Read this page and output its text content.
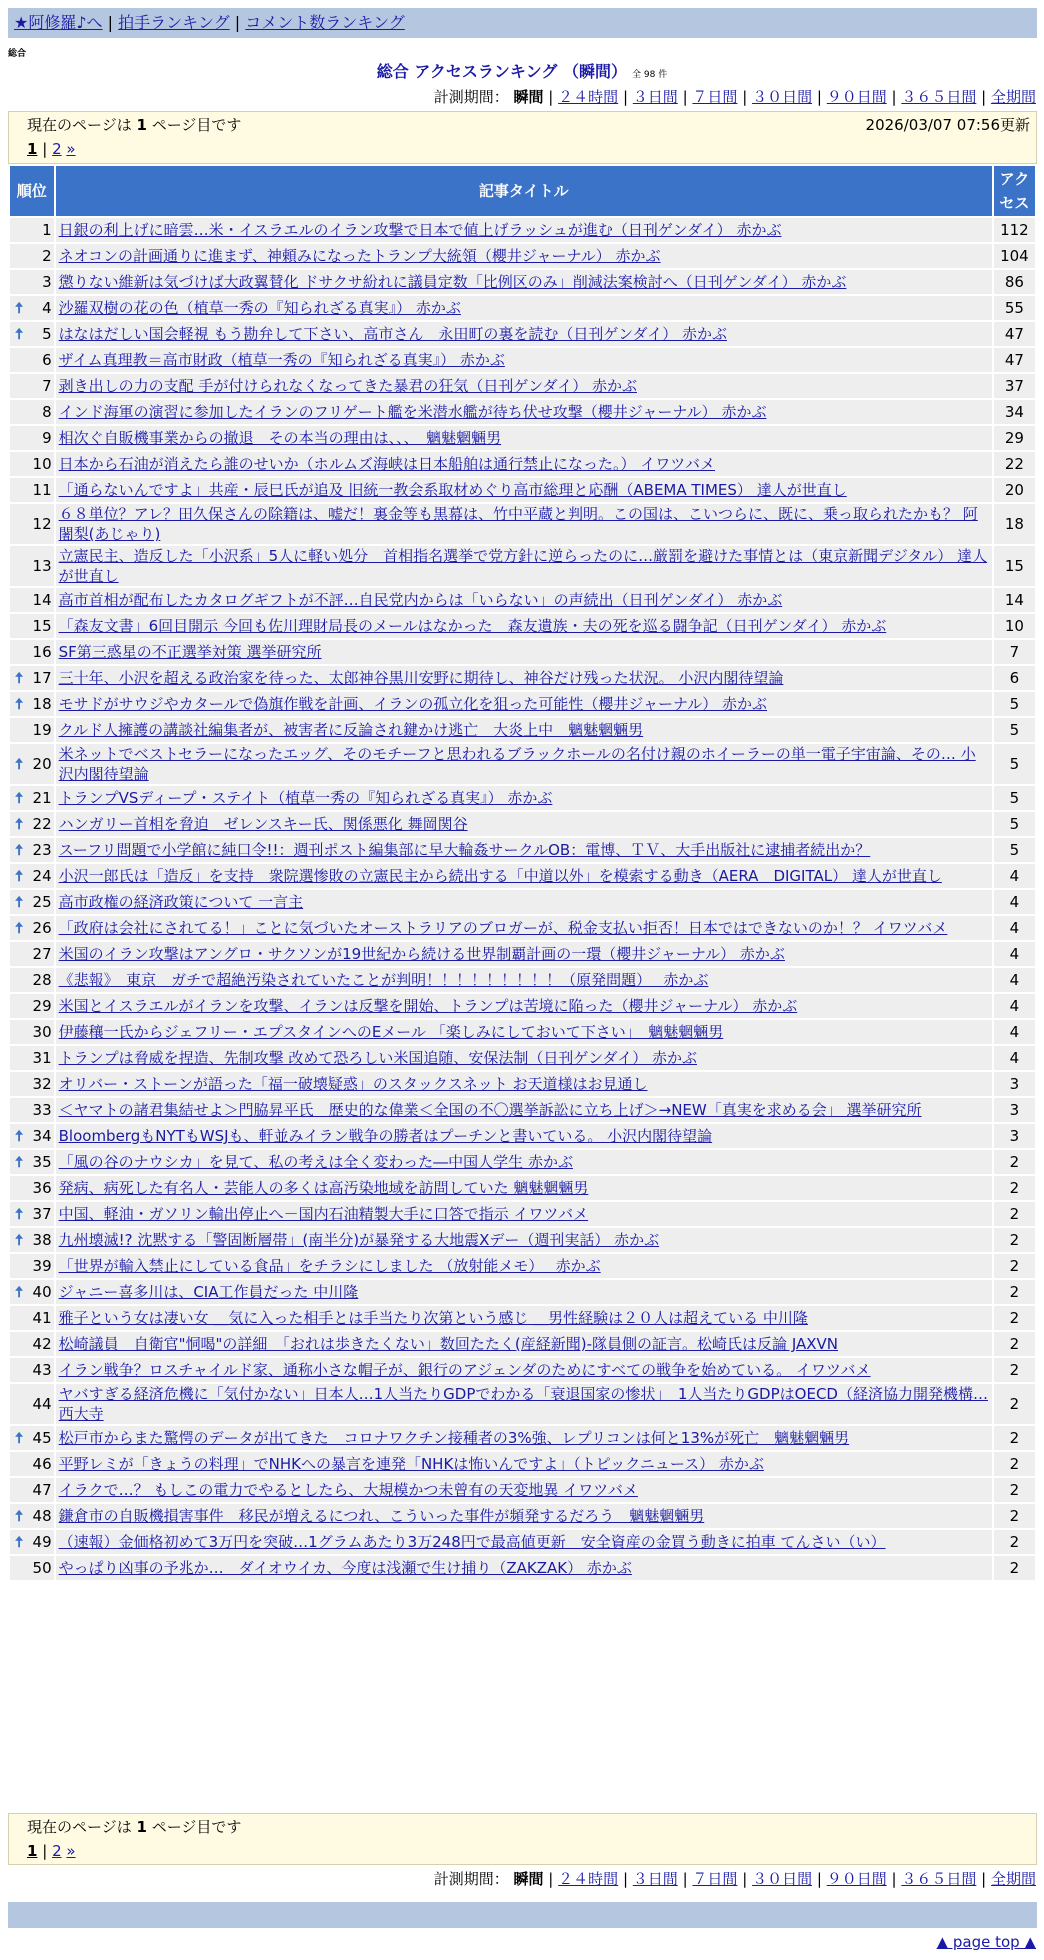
★阿修羅♪へ | 拍手ランキング | コメント数ランキング
総合
総合 アクセスランキング （瞬間） 全 98 件
計測期間： 瞬間 | ２４時間 | ３日間 | ７日間 | ３０日間 | ９０日間 | ３６５日間 | 全期間
現在のページは 1 ページ目です	2026/03/07 07:56更新
1 | 2 »
順位	記事タイトル	アクセス
1	日銀の利上げに暗雲…米・イスラエルのイラン攻撃で日本で値上げラッシュが進む（日刊ゲンダイ） 赤かぶ	112
2	ネオコンの計画通りに進まず、神頼みになったトランプ大統領（櫻井ジャーナル） 赤かぶ	104
3	懲りない維新は気づけば大政翼賛化 ドサクサ紛れに議員定数「比例区のみ」削減法案検討へ（日刊ゲンダイ） 赤かぶ	86

🠅 4	沙羅双樹の花の色（植草一秀の『知られざる真実』） 赤かぶ	55

🠅 5	はなはだしい国会軽視 もう勘弁して下さい、高市さん　永田町の裏を読む（日刊ゲンダイ） 赤かぶ	47
6	ザイム真理教＝高市財政（植草一秀の『知られざる真実』） 赤かぶ	47
7	剥き出しの力の支配 手が付けられなくなってきた暴君の狂気（日刊ゲンダイ） 赤かぶ	37
8	インド海軍の演習に参加したイランのフリゲート艦を米潜水艦が待ち伏せ攻撃（櫻井ジャーナル） 赤かぶ	34
9	相次ぐ自販機事業からの撤退　その本当の理由は、、、　魑魅魍魎男	29
10	日本から石油が消えたら誰のせいか（ホルムズ海峡は日本船舶は通行禁止になった。） イワツバメ	22
11	「通らないんですよ」共産・辰巳氏が追及 旧統一教会系取材めぐり高市総理と応酬（ABEMA TIMES） 達人が世直し	20
12	６８単位？アレ？田久保さんの除籍は、嘘だ！裏金等も黒幕は、竹中平蔵と判明。この国は、こいつらに、既に、乗っ取られたかも？ 阿闍梨(あじゃり)	18
13	立憲民主、造反した「小沢系」5人に軽い処分　首相指名選挙で党方針に逆らったのに…厳罰を避けた事情とは（東京新聞デジタル） 達人が世直し	15
14	高市首相が配布したカタログギフトが不評…自民党内からは「いらない」の声続出（日刊ゲンダイ） 赤かぶ	14
15	「森友文書」6回目開示 今回も佐川理財局長のメールはなかった　森友遺族・夫の死を巡る闘争記（日刊ゲンダイ） 赤かぶ	10
16	SF第三惑星の不正選挙対策 選挙研究所	7

🠅 17	三十年、小沢を超える政治家を待った、太郎神谷黒川安野に期待し、神谷だけ残った状況。 小沢内閣待望論	6

🠅 18	モサドがサウジやカタールで偽旗作戦を計画、イランの孤立化を狙った可能性（櫻井ジャーナル） 赤かぶ	5
19	クルド人擁護の講談社編集者が、被害者に反論され鍵かけ逃亡　大炎上中　魑魅魍魎男	5

🠅 20	米ネットでベストセラーになったエッグ、そのモチーフと思われるブラックホールの名付け親のホイーラーの単一電子宇宙論、その… 小沢内閣待望論	5

🠅 21	トランプVSディープ・ステイト（植草一秀の『知られざる真実』） 赤かぶ	5

🠅 22	ハンガリー首相を脅迫　ゼレンスキー氏、関係悪化 舞岡関谷	5

🠅 23	スーフリ問題で小学館に純口令!!：週刊ポスト編集部に早大輪姦サークルOB：電博、ＴＶ、大手出版社に逮捕者続出か？	5

🠅 24	小沢一郎氏は「造反」を支持　衆院選惨敗の立憲民主から続出する「中道以外」を模索する動き（AERA　DIGITAL） 達人が世直し	4

🠅 25	高市政権の経済政策について 一言主	4

🠅 26	「政府は会社にされてる！」ことに気づいたオーストラリアのブロガーが、税金支払い拒否！日本ではできないのか！？ イワツバメ	4
27	米国のイラン攻撃はアングロ・サクソンが19世紀から続ける世界制覇計画の一環（櫻井ジャーナル） 赤かぶ	4
28	《悲報》　東京　ガチで超絶汚染されていたことが判明！！！！！！！！！（原発問題）　 赤かぶ	4
29	米国とイスラエルがイランを攻撃、イランは反撃を開始、トランプは苦境に陥った（櫻井ジャーナル） 赤かぶ	4
30	伊藤穰一氏からジェフリー・エプスタインへのEメール 「楽しみにしておいて下さい」　魑魅魍魎男	4
31	トランプは脅威を捏造、先制攻撃 改めて恐ろしい米国追随、安保法制（日刊ゲンダイ） 赤かぶ	4
32	オリバー・ストーンが語った「福一破壊疑惑」のスタックスネット お天道様はお見通し	3
33	＜ヤマトの諸君集結せよ＞門脇昇平氏　歴史的な偉業＜全国の不〇選挙訴訟に立ち上げ＞→NEW「真実を求める会」 選挙研究所	3

🠅 34	BloombergもNYTもWSJも、軒並みイラン戦争の勝者はプーチンと書いている。 小沢内閣待望論	3

🠅 35	「風の谷のナウシカ」を見て、私の考えは全く変わった―中国人学生 赤かぶ	2
36	発病、病死した有名人・芸能人の多くは高汚染地域を訪問していた 魑魅魍魎男	2

🠅 37	中国、軽油・ガソリン輸出停止へ－国内石油精製大手に口答で指示 イワツバメ	2

🠅 38	九州壊滅!? 沈黙する「警固断層帯」(南半分)が暴発する大地震Xデー（週刊実話） 赤かぶ	2
39	「世界が輸入禁止にしている食品」をチラシにしました （放射能メモ）　 赤かぶ	2

🠅 40	ジャニー喜多川は、CIA工作員だった 中川隆	2
41	雅子という女は凄い女 ＿気に入った相手とは手当たり次第という感じ ＿男性経験は２０人は超えている 中川隆	2
42	松崎議員　自衛官"恫喝"の詳細　「おれは歩きたくない」数回たたく(産経新聞)-隊員側の証言。松崎氏は反論 JAXVN	2
43	イラン戦争？ロスチャイルド家、通称小さな帽子が、銀行のアジェンダのためにすべての戦争を始めている。 イワツバメ	2
44	ヤバすぎる経済危機に「気付かない」日本人…1人当たりGDPでわかる「衰退国家の惨状」　1人当たりGDPはOECD（経済協力開発機構… 西大寺	2

🠅 45	松戸市からまた驚愕のデータが出てきた　コロナワクチン接種者の3%強、レプリコンは何と13%が死亡　魑魅魍魎男	2
46	平野レミが「きょうの料理」でNHKへの暴言を連発「NHKは怖いんですよ」（トピックニュース） 赤かぶ	2
47	イラクで…？ もしこの電力でやるとしたら、大規模かつ未曾有の天変地異 イワツバメ	2

🠅 48	鎌倉市の自販機損害事件　移民が増えるにつれ、こういった事件が頻発するだろう　魑魅魍魎男	2

🠅 49	（速報）金価格初めて3万円を突破…1グラムあたり3万248円で最高値更新　安全資産の金買う動きに拍車 てんさい（い）	2
50	やっぱり凶事の予兆か…　ダイオウイカ、今度は浅瀬で生け捕り（ZAKZAK） 赤かぶ	2
現在のページは 1 ページ目です
1 | 2 »
計測期間： 瞬間 | ２４時間 | ３日間 | ７日間 | ３０日間 | ９０日間 | ３６５日間 | 全期間
▲ page top ▲
